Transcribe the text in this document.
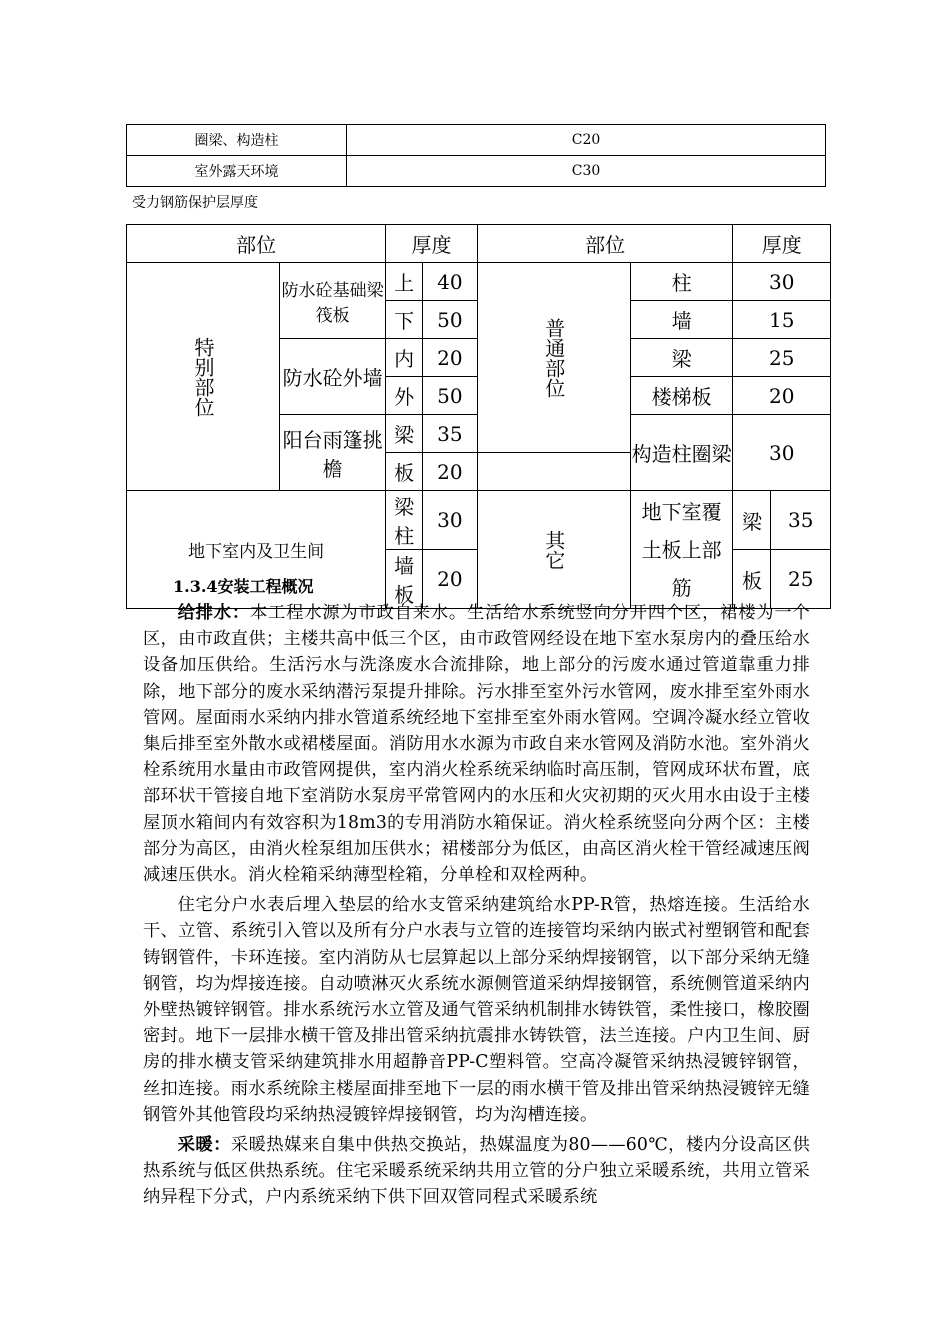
圈梁、构造柱	C20
室外露天环境	C30
受力钢筋保护层厚度
部位		厚度		部位		厚度	
特别部位	防水砼基础梁筏板	上	40	普通部位	柱	30	
		下	50		墙	15	
	防水砼外墙	内	20		梁	25	
		外	50		楼梯板	20	
	阳台雨篷挑檐	梁	35		构造柱圈梁	30	
		板	20				
地下室内及卫生间		梁柱	30	其它	地下室覆土板上部筋	梁	35
		墙板	20			板	25
1.3.4安装工程概况

给排水：本工程水源为市政自来水。生活给水系统竖向分开四个区，裙楼为一个区，由市政直供；主楼共高中低三个区，由市政管网经设在地下室水泵房内的叠压给水设备加压供给。生活污水与洗涤废水合流排除，地上部分的污废水通过管道靠重力排除，地下部分的废水采纳潜污泵提升排除。污水排至室外污水管网，废水排至室外雨水管网。屋面雨水采纳内排水管道系统经地下室排至室外雨水管网。空调冷凝水经立管收集后排至室外散水或裙楼屋面。消防用水水源为市政自来水管网及消防水池。室外消火栓系统用水量由市政管网提供，室内消火栓系统采纳临时高压制，管网成环状布置，底部环状干管接自地下室消防水泵房平常管网内的水压和火灾初期的灭火用水由设于主楼屋顶水箱间内有效容积为18m3的专用消防水箱保证。消火栓系统竖向分两个区：主楼部分为高区，由消火栓泵组加压供水；裙楼部分为低区，由高区消火栓干管经减速压阀减速压供水。消火栓箱采纳薄型栓箱，分单栓和双栓两种。

住宅分户水表后埋入垫层的给水支管采纳建筑给水PP-R管，热熔连接。生活给水干、立管、系统引入管以及所有分户水表与立管的连接管均采纳内嵌式衬塑钢管和配套铸钢管件，卡环连接。室内消防从七层算起以上部分采纳焊接钢管，以下部分采纳无缝钢管，均为焊接连接。自动喷淋灭火系统水源侧管道采纳焊接钢管，系统侧管道采纳内外壁热镀锌钢管。排水系统污水立管及通气管采纳机制排水铸铁管，柔性接口，橡胶圈密封。地下一层排水横干管及排出管采纳抗震排水铸铁管，法兰连接。户内卫生间、厨房的排水横支管采纳建筑排水用超静音PP-C塑料管。空高冷凝管采纳热浸镀锌钢管，丝扣连接。雨水系统除主楼屋面排至地下一层的雨水横干管及排出管采纳热浸镀锌无缝钢管外其他管段均采纳热浸镀锌焊接钢管，均为沟槽连接。

采暖：采暖热媒来自集中供热交换站，热媒温度为80——60℃，楼内分设高区供热系统与低区供热系统。住宅采暖系统采纳共用立管的分户独立采暖系统，共用立管采纳异程下分式，户内系统采纳下供下回双管同程式采暖系统
